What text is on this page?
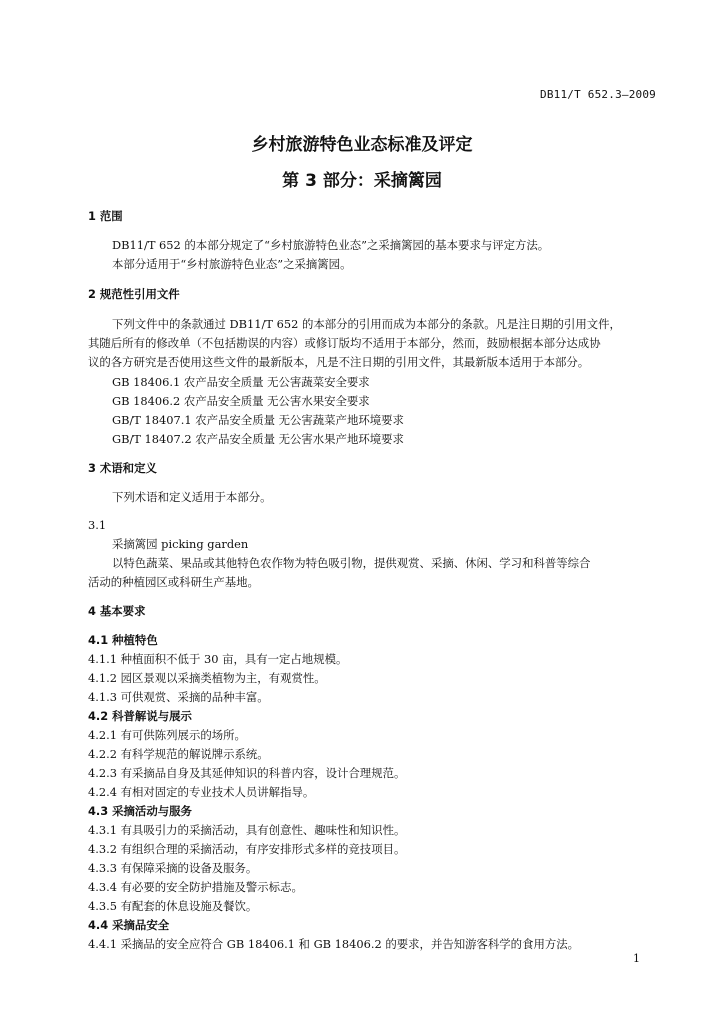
DB11/T 652.3—2009
乡村旅游特色业态标准及评定
第 3 部分：采摘篱园
1 范围
DB11/T 652 的本部分规定了“乡村旅游特色业态”之采摘篱园的基本要求与评定方法。
本部分适用于“乡村旅游特色业态”之采摘篱园。
2 规范性引用文件
下列文件中的条款通过 DB11/T 652 的本部分的引用而成为本部分的条款。凡是注日期的引用文件，
其随后所有的修改单（不包括勘误的内容）或修订版均不适用于本部分，然而，鼓励根据本部分达成协
议的各方研究是否使用这些文件的最新版本，凡是不注日期的引用文件，其最新版本适用于本部分。
GB 18406.1 农产品安全质量 无公害蔬菜安全要求
GB 18406.2 农产品安全质量 无公害水果安全要求
GB/T 18407.1 农产品安全质量 无公害蔬菜产地环境要求
GB/T 18407.2 农产品安全质量 无公害水果产地环境要求
3 术语和定义
下列术语和定义适用于本部分。
3.1
采摘篱园 picking garden
以特色蔬菜、果品或其他特色农作物为特色吸引物，提供观赏、采摘、休闲、学习和科普等综合
活动的种植园区或科研生产基地。
4 基本要求
4.1 种植特色
4.1.1 种植面积不低于 30 亩，具有一定占地规模。
4.1.2 园区景观以采摘类植物为主，有观赏性。
4.1.3 可供观赏、采摘的品种丰富。
4.2 科普解说与展示
4.2.1 有可供陈列展示的场所。
4.2.2 有科学规范的解说牌示系统。
4.2.3 有采摘品自身及其延伸知识的科普内容，设计合理规范。
4.2.4 有相对固定的专业技术人员讲解指导。
4.3 采摘活动与服务
4.3.1 有具吸引力的采摘活动，具有创意性、趣味性和知识性。
4.3.2 有组织合理的采摘活动，有序安排形式多样的竞技项目。
4.3.3 有保障采摘的设备及服务。
4.3.4 有必要的安全防护措施及警示标志。
4.3.5 有配套的休息设施及餐饮。
4.4 采摘品安全
4.4.1 采摘品的安全应符合 GB 18406.1 和 GB 18406.2 的要求，并告知游客科学的食用方法。
1
